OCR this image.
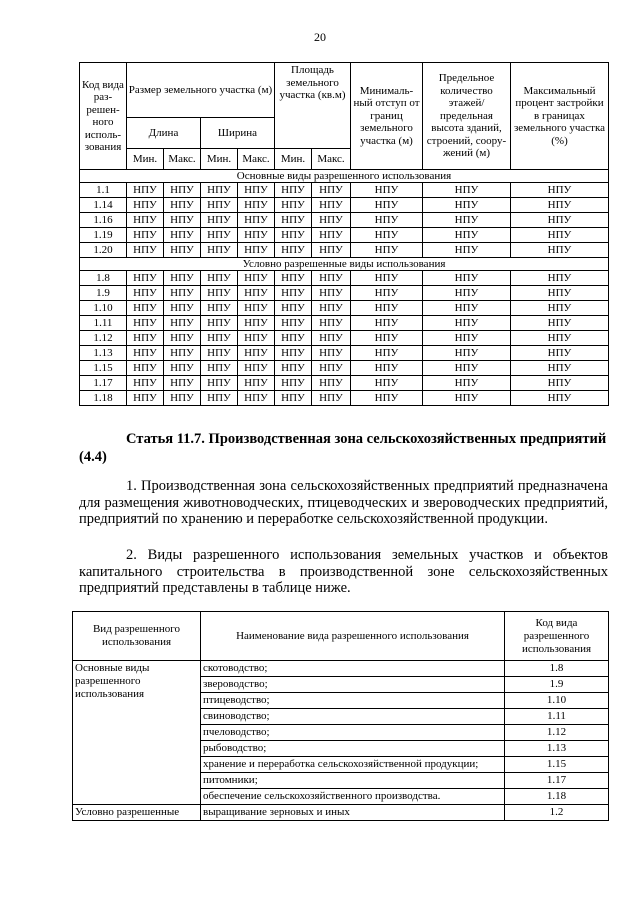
20
Код вида раз-решен-ного исполь-зования	Размер земельного участка (м)				Площадь земельного участка (кв.м)		Минималь-ный отступ от границ земельного участка (м)	Предельное количество этажей/ предельная высота зданий, строений, соору-жений (м)	Максимальный процент застройки в границах земельного участка (%)
	Длина		Ширина						
	Мин.	Макс.	Мин.	Макс.	Мин.	Макс.			
Основные виды разрешенного использования									
1.1	НПУ	НПУ	НПУ	НПУ	НПУ	НПУ	НПУ	НПУ	НПУ
1.14	НПУ	НПУ	НПУ	НПУ	НПУ	НПУ	НПУ	НПУ	НПУ
1.16	НПУ	НПУ	НПУ	НПУ	НПУ	НПУ	НПУ	НПУ	НПУ
1.19	НПУ	НПУ	НПУ	НПУ	НПУ	НПУ	НПУ	НПУ	НПУ
1.20	НПУ	НПУ	НПУ	НПУ	НПУ	НПУ	НПУ	НПУ	НПУ
Условно разрешенные виды использования									
1.8	НПУ	НПУ	НПУ	НПУ	НПУ	НПУ	НПУ	НПУ	НПУ
1.9	НПУ	НПУ	НПУ	НПУ	НПУ	НПУ	НПУ	НПУ	НПУ
1.10	НПУ	НПУ	НПУ	НПУ	НПУ	НПУ	НПУ	НПУ	НПУ
1.11	НПУ	НПУ	НПУ	НПУ	НПУ	НПУ	НПУ	НПУ	НПУ
1.12	НПУ	НПУ	НПУ	НПУ	НПУ	НПУ	НПУ	НПУ	НПУ
1.13	НПУ	НПУ	НПУ	НПУ	НПУ	НПУ	НПУ	НПУ	НПУ
1.15	НПУ	НПУ	НПУ	НПУ	НПУ	НПУ	НПУ	НПУ	НПУ
1.17	НПУ	НПУ	НПУ	НПУ	НПУ	НПУ	НПУ	НПУ	НПУ
1.18	НПУ	НПУ	НПУ	НПУ	НПУ	НПУ	НПУ	НПУ	НПУ

Статья 11.7. Производственная зона сельскохозяйственных предприятий (4.4)

1. Производственная зона сельскохозяйственных предприятий предназначена для размещения животноводческих, птицеводческих и звероводческих предприятий, предприятий по хранению и переработке сельскохозяйственной продукции.

2. Виды разрешенного использования земельных участков и объектов капитального строительства в производственной зоне сельскохозяйственных предприятий представлены в таблице ниже.

Вид разрешенного использования	Наименование вида разрешенного использования	Код вида разрешенного использования
Основные виды разрешенного использования	скотоводство;	1.8
	звероводство;	1.9
	птицеводство;	1.10
	свиноводство;	1.11
	пчеловодство;	1.12
	рыбоводство;	1.13
	хранение и переработка сельскохозяйственной продукции;	1.15
	питомники;	1.17
	обеспечение сельскохозяйственного производства.	1.18
Условно разрешенные	выращивание зерновых и иных	1.2
